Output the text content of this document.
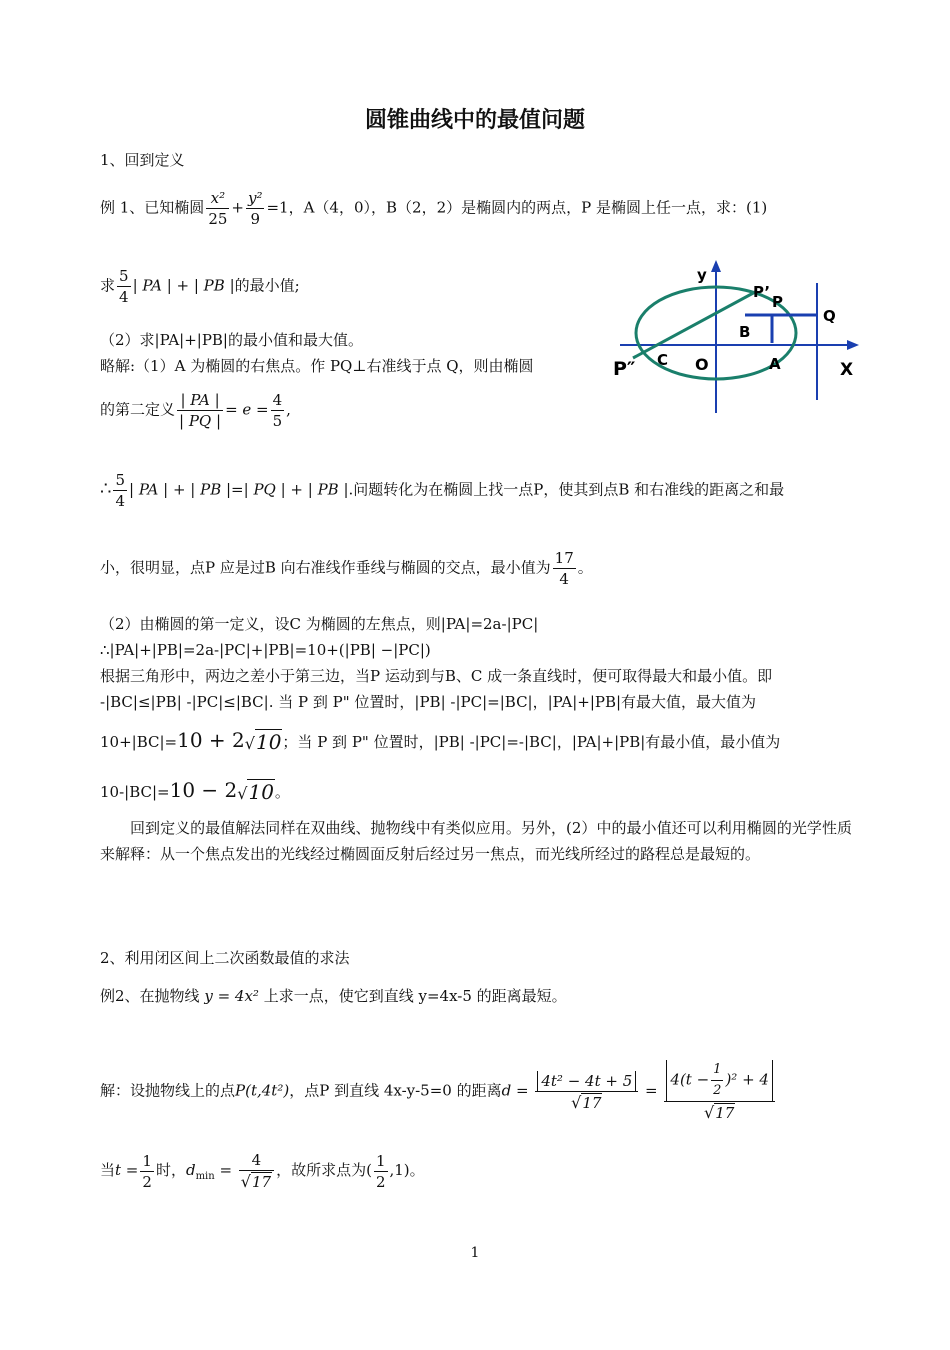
圆锥曲线中的最值问题
1、回到定义
例 1、已知椭圆 $\frac{\text{x²}}{25} + \frac{\text{y²}}{9} =1$，A（4，0），B（2，2）是椭圆内的两点，P 是椭圆上任一点，求：(1)
求 $\frac{5}{4}$ | PA | + | PB |的最小值;
（2）求|PA|+|PB|的最小值和最大值。
略解:（1）A 为椭圆的右焦点。作 PQ⊥右准线于点 Q，则由椭圆
的第二定义 $\frac{| PA |}{| PQ |} = e = \frac{4}{5}$ ,
∴ $\frac{5}{4}$ | PA | + | PB |=| PQ | + | PB |.问题转化为在椭圆上找一点P，使其到点B 和右准线的距离之和最
小，很明显，点P 应是过B 向右准线作垂线与椭圆的交点，最小值为 $\frac{17}{4}$ 。
（2）由椭圆的第一定义，设C 为椭圆的左焦点，则|PA|=2a-|PC|
∴|PA|+|PB|=2a-|PC|+|PB|=10+(|PB| −|PC|)
根据三角形中，两边之差小于第三边，当P 运动到与B、C 成一条直线时，便可取得最大和最小值。即
-|BC|≤|PB| -|PC|≤|BC|. 当 P 到 P" 位置时，|PB| -|PC|=|BC|，|PA|+|PB|有最大值，最大值为
10+|BC|=10 + 2√10；当 P 到 P" 位置时，|PB| -|PC|=-|BC|，|PA|+|PB|有最小值，最小值为
10-|BC|=10 − 2√10。
回到定义的最值解法同样在双曲线、抛物线中有类似应用。另外，(2）中的最小值还可以利用椭圆的光学性质来解释：从一个焦点发出的光线经过椭圆面反射后经过另一焦点，而光线所经过的路程总是最短的。
y
X
P’
P
Q
B
C O	A
P″
2、利用闭区间上二次函数最值的求法
例2、在抛物线 y = 4x² 上求一点，使它到直线 y=4x-5 的距离最短。
解：设抛物线上的点P(t,4t²)，点P 到直线 4x-y-5=0 的距离$d = \frac{\text{4t² − 4t + 5}}{√17} = \frac{4(t - \frac{1}{2} )^2 + 4}{√17}$
当$t = \frac{1}{2}$ 时，$d_{min} = \frac{4}{√17}$ ，故所求点为( $\frac{1}{2} ,1$)。
1
